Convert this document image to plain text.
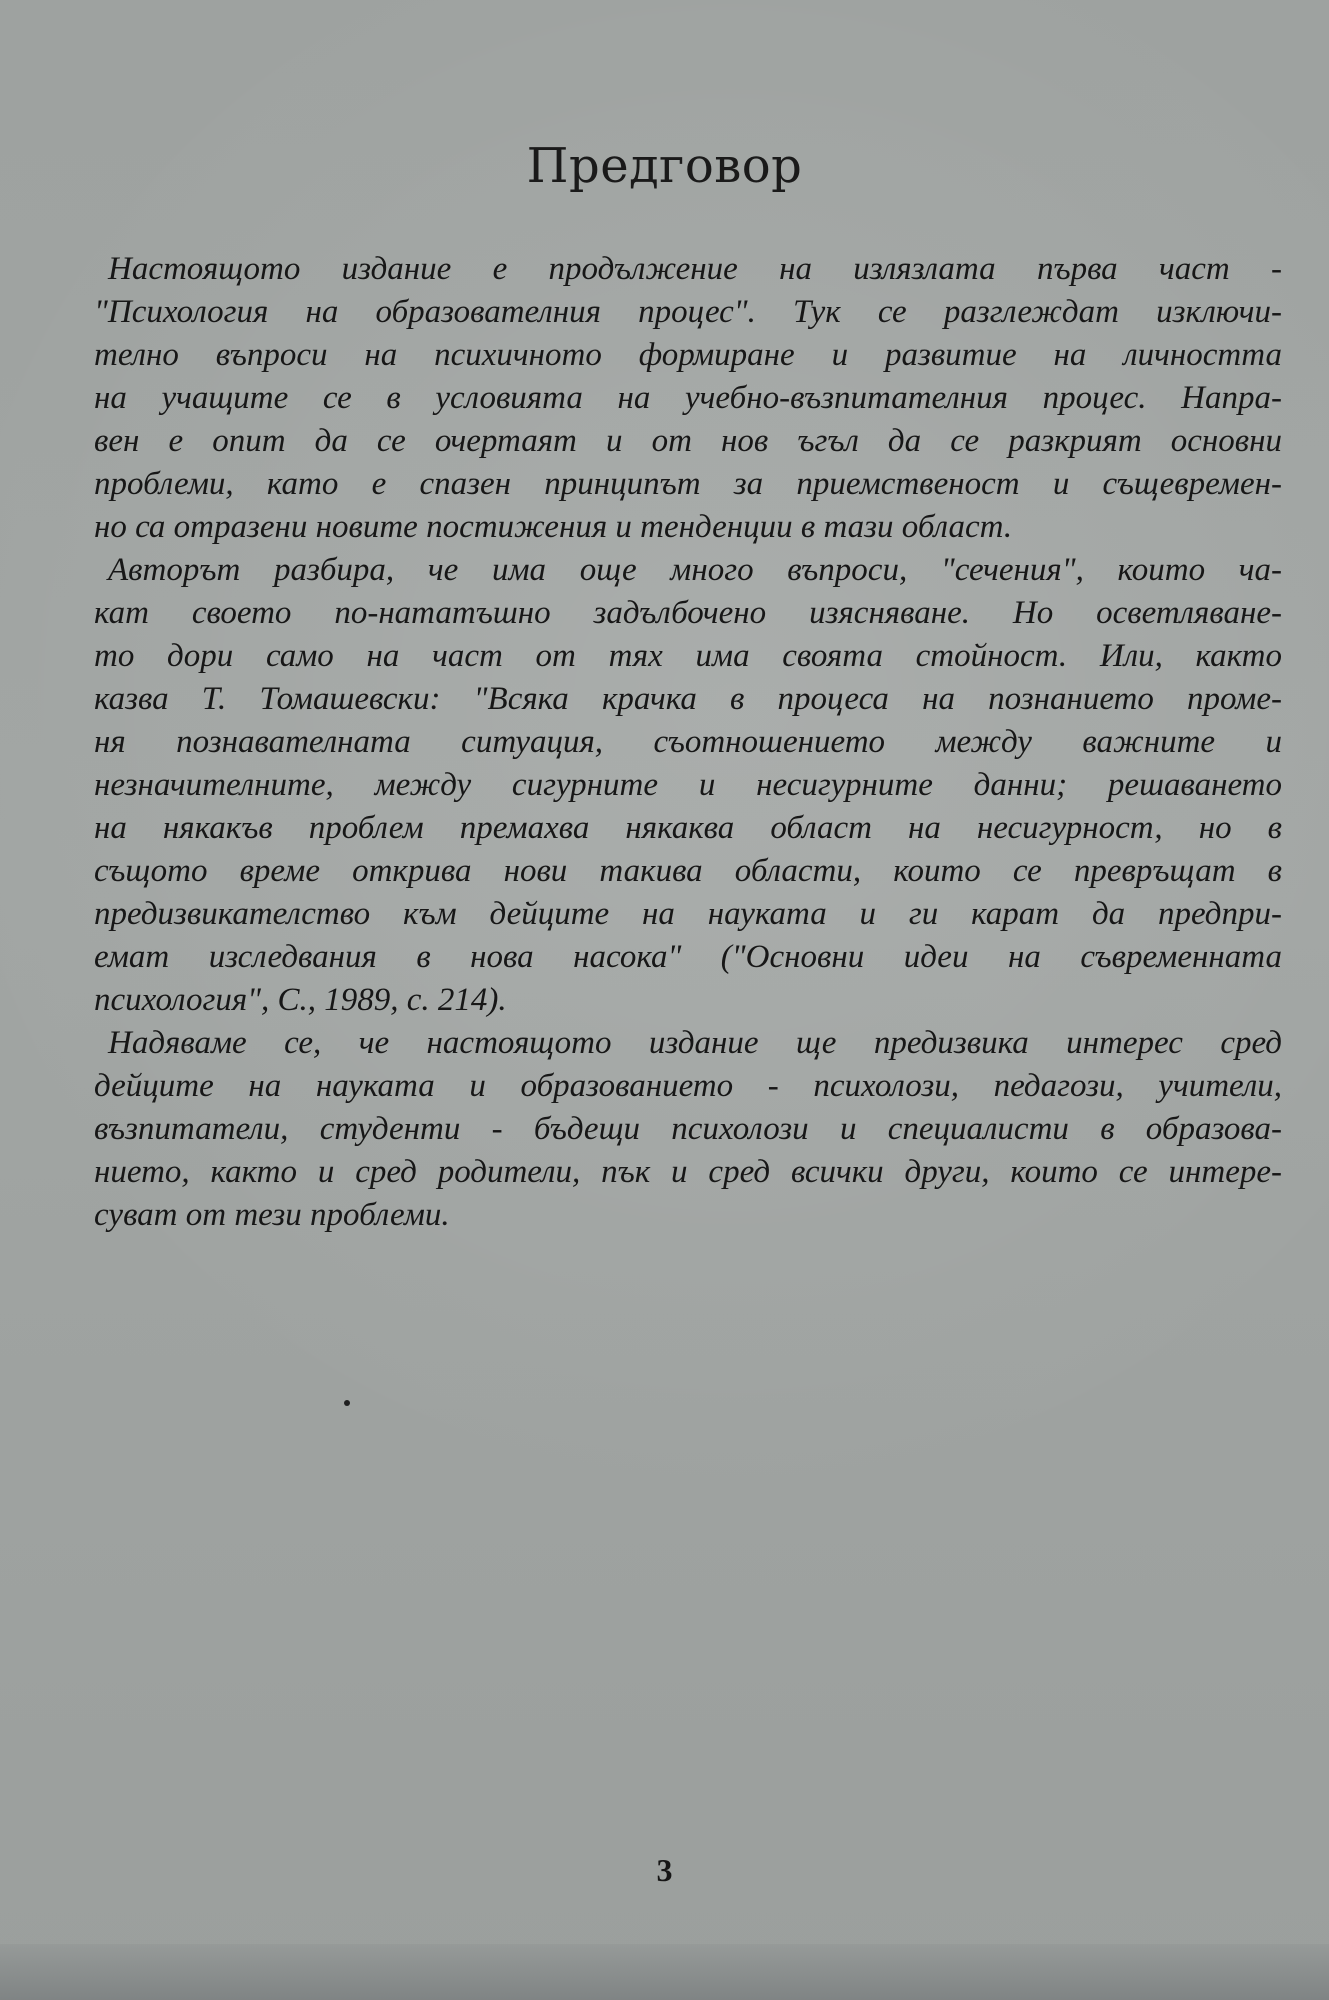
Предговор
Настоящото издание е продължение на излязлата първа част -
"Психология на образователния процес". Тук се разглеждат изключи-
телно въпроси на психичното формиране и развитие на личността
на учащите се в условията на учебно-възпитателния процес. Напра-
вен е опит да се очертаят и от нов ъгъл да се разкрият основни
проблеми, като е спазен принципът за приемственост и същевремен-
но са отразени новите постижения и тенденции в тази област.
Авторът разбира, че има още много въпроси, "сечения", които ча-
кат своето по-нататъшно задълбочено изясняване. Но осветляване-
то дори само на част от тях има своята стойност. Или, както
казва Т. Томашевски: "Всяка крачка в процеса на познанието проме-
ня познавателната ситуация, съотношението между важните и
незначителните, между сигурните и несигурните данни; решаването
на някакъв проблем премахва някаква област на несигурност, но в
същото време открива нови такива области, които се превръщат в
предизвикателство към дейците на науката и ги карат да предпри-
емат изследвания в нова насока" ("Основни идеи на съвременната
психология", С., 1989, с. 214).
Надяваме се, че настоящото издание ще предизвика интерес сред
дейците на науката и образованието - психолози, педагози, учители,
възпитатели, студенти - бъдещи психолози и специалисти в образова-
нието, както и сред родители, пък и сред всички други, които се интере-
суват от тези проблеми.
3
